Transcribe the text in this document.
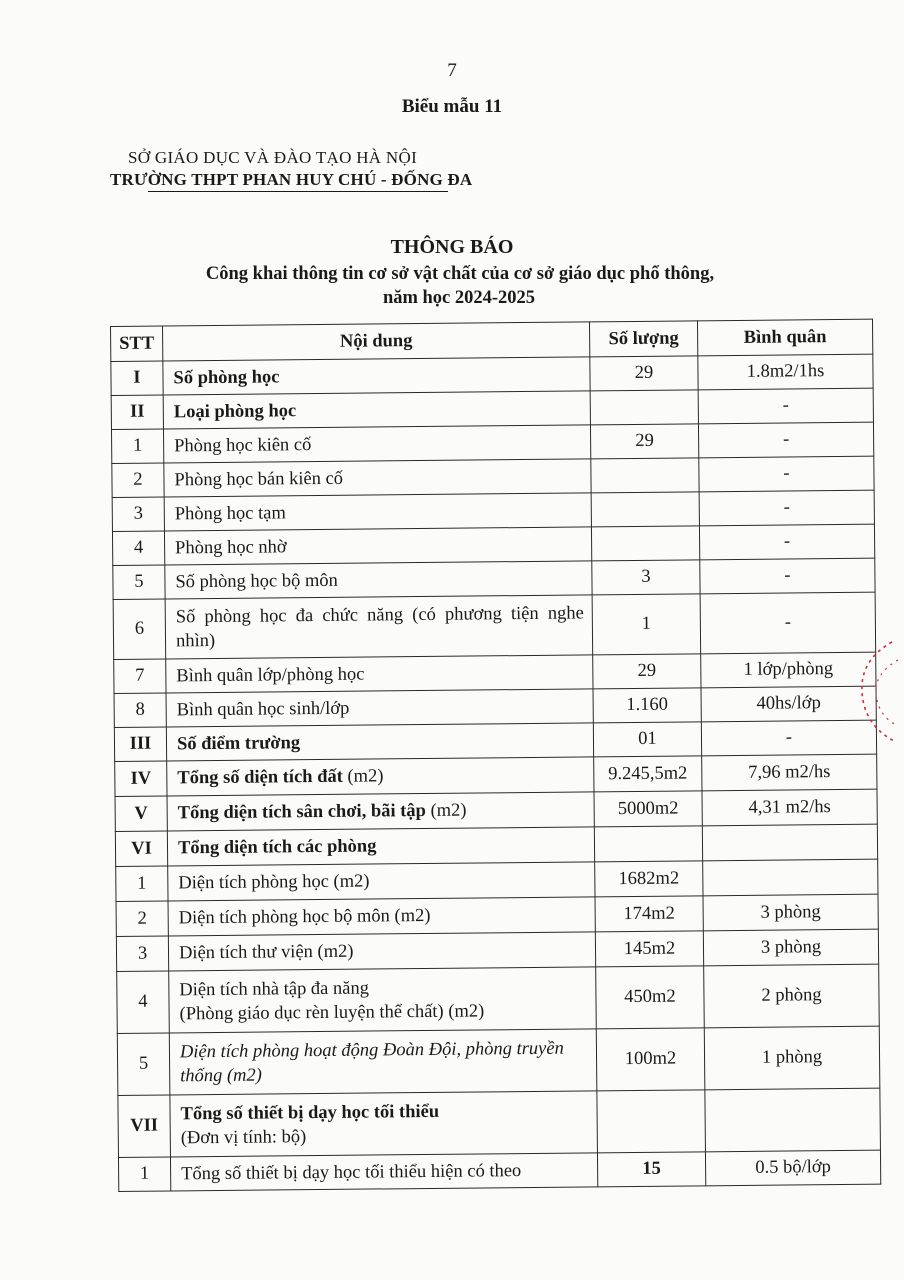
7
Biểu mẫu 11
SỞ GIÁO DỤC VÀ ĐÀO TẠO HÀ NỘI
TRƯỜNG THPT PHAN HUY CHÚ - ĐỐNG ĐA
THÔNG BÁO
Công khai thông tin cơ sở vật chất của cơ sở giáo dục phổ thông,
năm học 2024-2025
STT	Nội dung	Số lượng	Bình quân
I	Số phòng học	29	1.8m2/1hs
II	Loại phòng học		-
1	Phòng học kiên cố	29	-
2	Phòng học bán kiên cố		-
3	Phòng học tạm		-
4	Phòng học nhờ		-
5	Số phòng học bộ môn	3	-
6	Số phòng học đa chức năng (có phương tiện nghe nhìn)	1	-
7	Bình quân lớp/phòng học	29	1 lớp/phòng
8	Bình quân học sinh/lớp	1.160	40hs/lớp
III	Số điểm trường	01	-
IV	Tổng số diện tích đất (m2)	9.245,5m2	7,96 m2/hs
V	Tổng diện tích sân chơi, bãi tập (m2)	5000m2	4,31 m2/hs
VI	Tổng diện tích các phòng		
1	Diện tích phòng học (m2)	1682m2	
2	Diện tích phòng học bộ môn (m2)	174m2	3 phòng
3	Diện tích thư viện (m2)	145m2	3 phòng
4	Diện tích nhà tập đa năng
(Phòng giáo dục rèn luyện thể chất) (m2)	450m2	2 phòng
5	Diện tích phòng hoạt động Đoàn Đội, phòng truyền thống (m2)	100m2	1 phòng
VII	Tổng số thiết bị dạy học tối thiểu
(Đơn vị tính: bộ)		

1	Tổng số thiết bị dạy học tối thiểu hiện có theo	15	0.5 bộ/lớp
